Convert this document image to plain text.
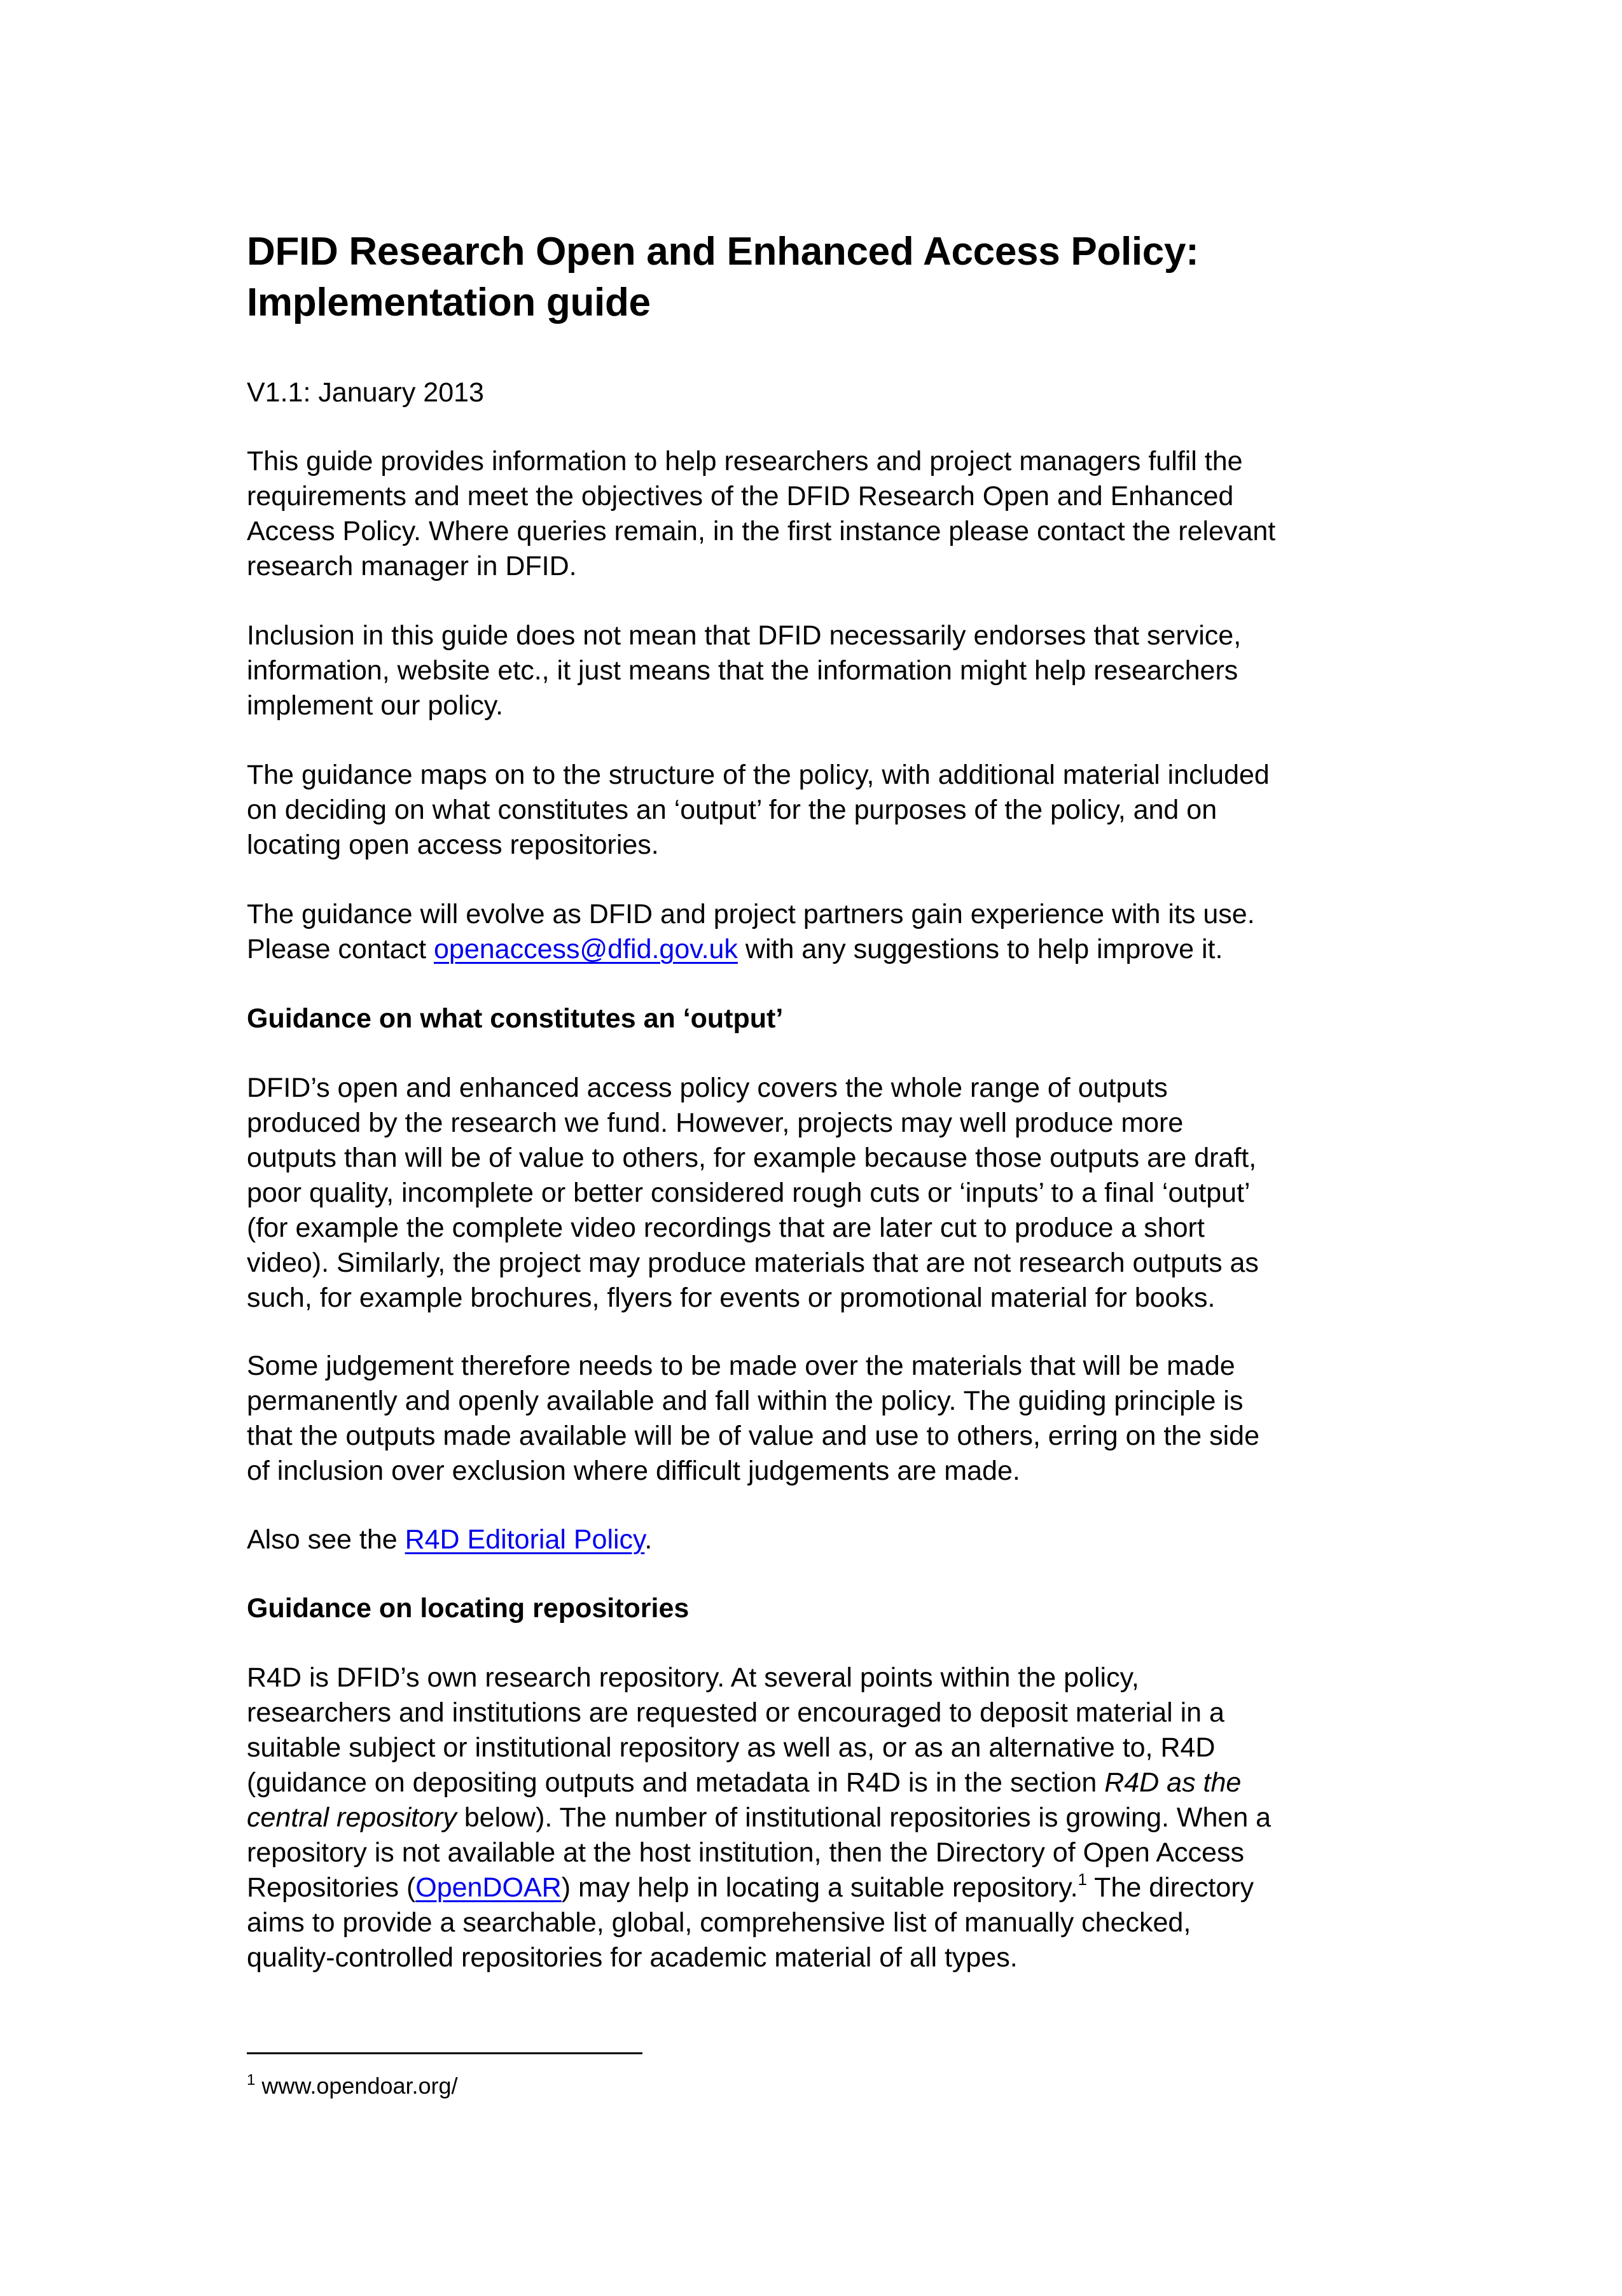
DFID Research Open and Enhanced Access Policy:
Implementation guide
V1.1: January 2013
This guide provides information to help researchers and project managers fulfil the
requirements and meet the objectives of the DFID Research Open and Enhanced
Access Policy. Where queries remain, in the first instance please contact the relevant
research manager in DFID.
Inclusion in this guide does not mean that DFID necessarily endorses that service,
information, website etc., it just means that the information might help researchers
implement our policy.
The guidance maps on to the structure of the policy, with additional material included
on deciding on what constitutes an ‘output’ for the purposes of the policy, and on
locating open access repositories.
The guidance will evolve as DFID and project partners gain experience with its use.
Please contact openaccess@dfid.gov.uk with any suggestions to help improve it.
Guidance on what constitutes an ‘output’
DFID’s open and enhanced access policy covers the whole range of outputs
produced by the research we fund. However, projects may well produce more
outputs than will be of value to others, for example because those outputs are draft,
poor quality, incomplete or better considered rough cuts or ‘inputs’ to a final ‘output’
(for example the complete video recordings that are later cut to produce a short
video). Similarly, the project may produce materials that are not research outputs as
such, for example brochures, flyers for events or promotional material for books.
Some judgement therefore needs to be made over the materials that will be made
permanently and openly available and fall within the policy. The guiding principle is
that the outputs made available will be of value and use to others, erring on the side
of inclusion over exclusion where difficult judgements are made.
Also see the R4D Editorial Policy.
Guidance on locating repositories
R4D is DFID’s own research repository. At several points within the policy,
researchers and institutions are requested or encouraged to deposit material in a
suitable subject or institutional repository as well as, or as an alternative to, R4D
(guidance on depositing outputs and metadata in R4D is in the section R4D as the
central repository below). The number of institutional repositories is growing. When a
repository is not available at the host institution, then the Directory of Open Access
Repositories (OpenDOAR) may help in locating a suitable repository.$^1$ The directory
aims to provide a searchable, global, comprehensive list of manually checked,
quality-controlled repositories for academic material of all types.
$^1$ www.opendoar.org/
